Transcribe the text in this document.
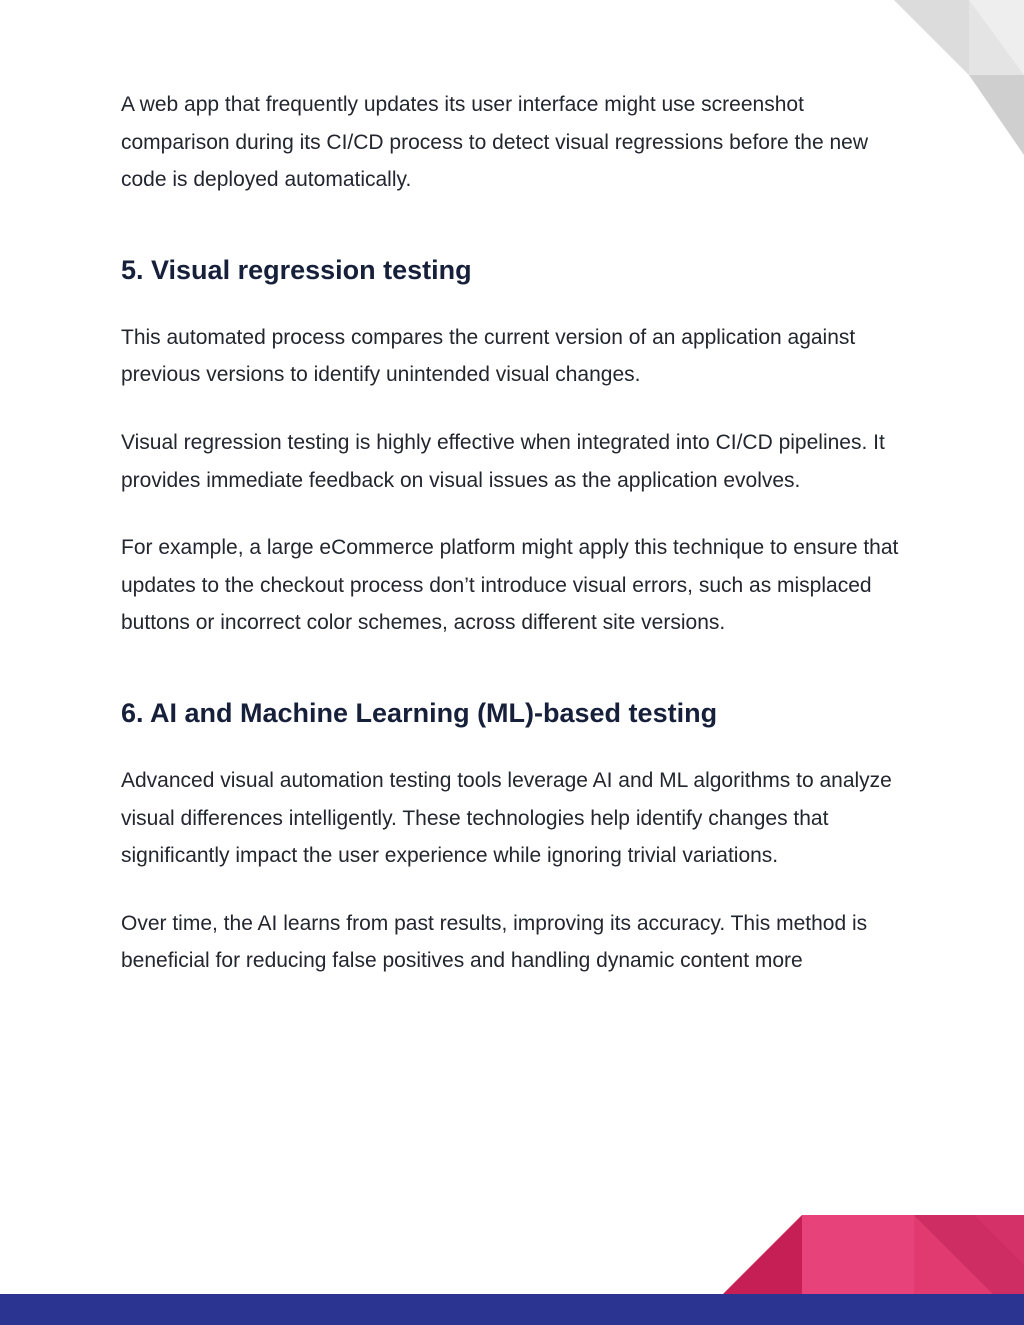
A web app that frequently updates its user interface might use screenshot comparison during its CI/CD process to detect visual regressions before the new code is deployed automatically.

5. Visual regression testing

This automated process compares the current version of an application against previous versions to identify unintended visual changes.

Visual regression testing is highly effective when integrated into CI/CD pipelines. It provides immediate feedback on visual issues as the application evolves.

For example, a large eCommerce platform might apply this technique to ensure that updates to the checkout process don’t introduce visual errors, such as misplaced buttons or incorrect color schemes, across different site versions.

6. AI and Machine Learning (ML)-based testing

Advanced visual automation testing tools leverage AI and ML algorithms to analyze visual differences intelligently. These technologies help identify changes that significantly impact the user experience while ignoring trivial variations.

Over time, the AI learns from past results, improving its accuracy. This method is beneficial for reducing false positives and handling dynamic content more
